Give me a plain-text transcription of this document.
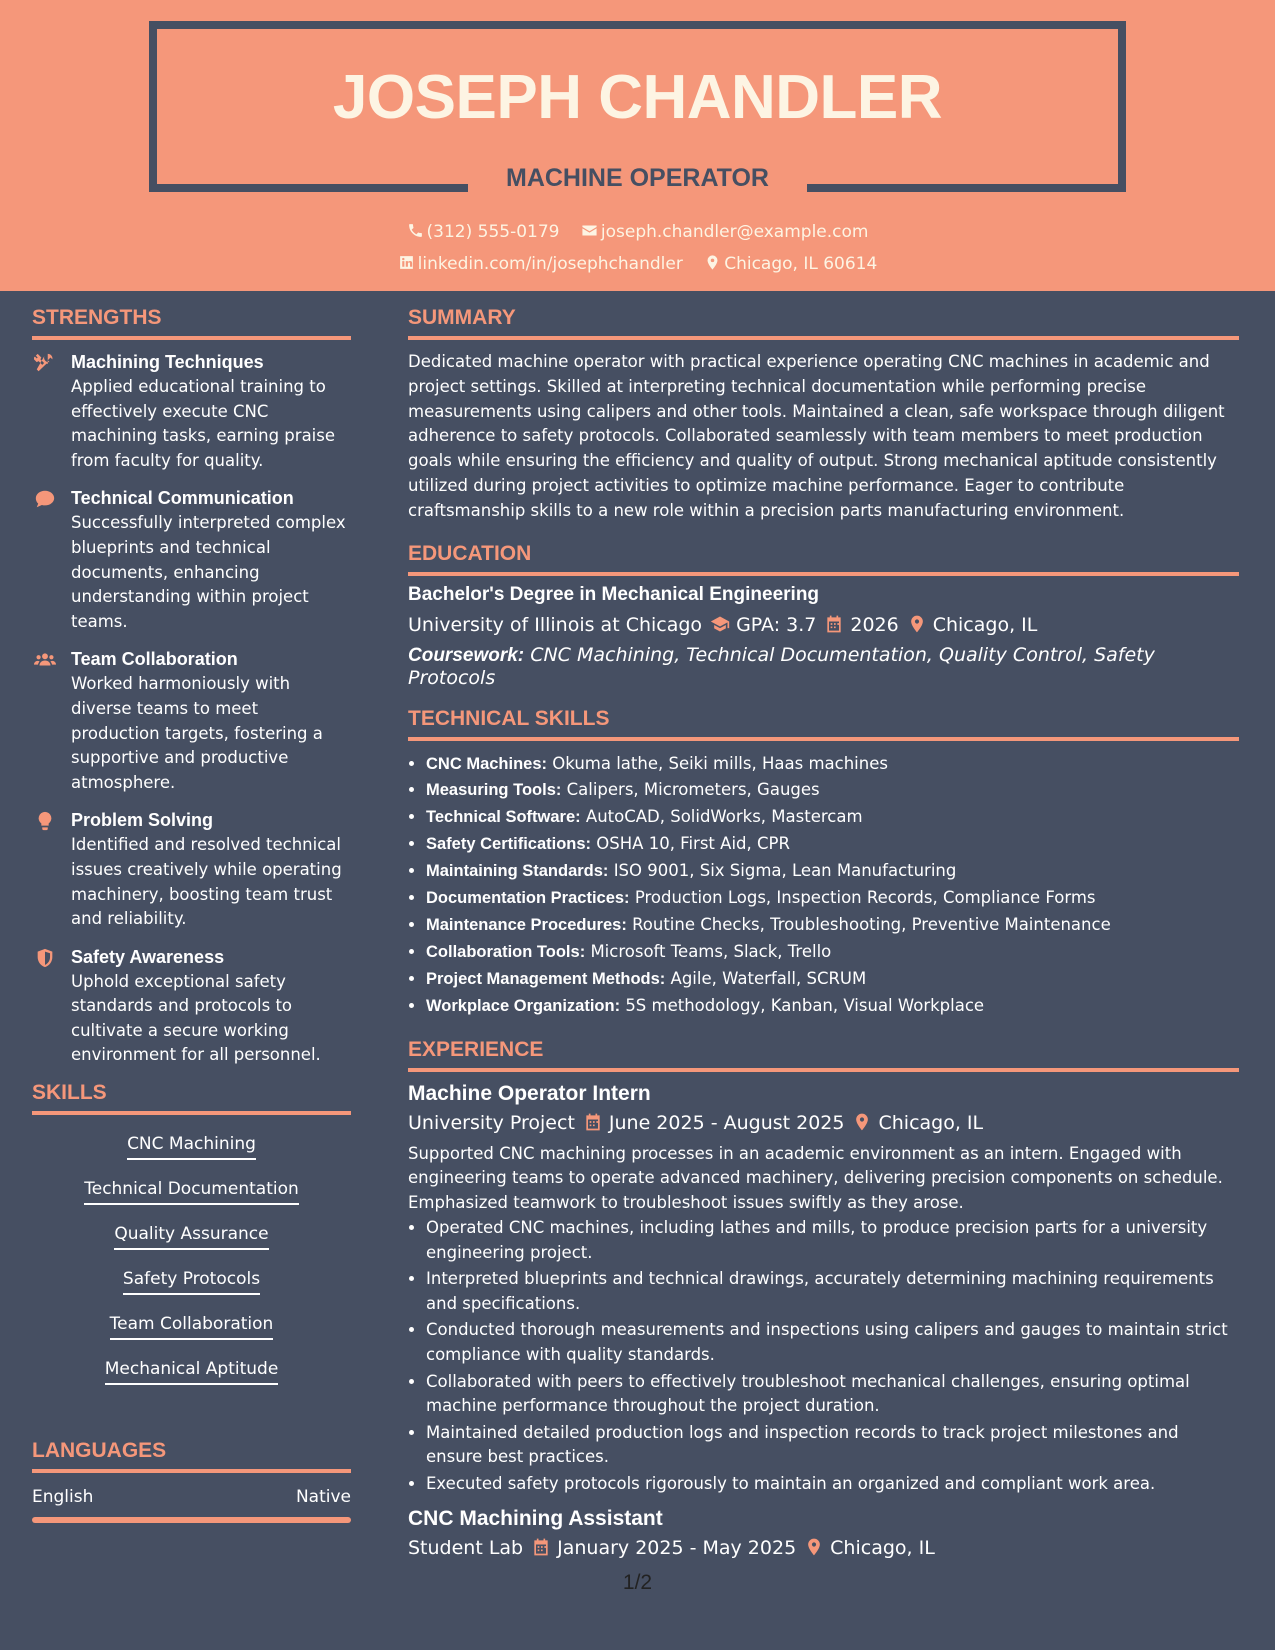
JOSEPH CHANDLER
MACHINE OPERATOR
(312) 555-0179 joseph.chandler@example.com
linkedin.com/in/josephchandler Chicago, IL 60614
STRENGTHS
Machining Techniques
Applied educational training to effectively execute CNC machining tasks, earning praise from faculty for quality.
Technical Communication
Successfully interpreted complex blueprints and technical documents, enhancing understanding within project teams.
Team Collaboration
Worked harmoniously with diverse teams to meet production targets, fostering a supportive and productive atmosphere.
Problem Solving
Identified and resolved technical issues creatively while operating machinery, boosting team trust and reliability.
Safety Awareness
Uphold exceptional safety standards and protocols to cultivate a secure working environment for all personnel.
SKILLS
CNC Machining
Technical Documentation
Quality Assurance
Safety Protocols
Team Collaboration
Mechanical Aptitude
LANGUAGES
English	Native
SUMMARY
Dedicated machine operator with practical experience operating CNC machines in academic and project settings. Skilled at interpreting technical documentation while performing precise measurements using calipers and other tools. Maintained a clean, safe workspace through diligent adherence to safety protocols. Collaborated seamlessly with team members to meet production goals while ensuring the efficiency and quality of output. Strong mechanical aptitude consistently utilized during project activities to optimize machine performance. Eager to contribute craftsmanship skills to a new role within a precision parts manufacturing environment.
EDUCATION
Bachelor's Degree in Mechanical Engineering
University of Illinois at Chicago GPA: 3.7 2026 Chicago, IL
Coursework: CNC Machining, Technical Documentation, Quality Control, Safety Protocols
TECHNICAL SKILLS
• CNC Machines: Okuma lathe, Seiki mills, Haas machines
• Measuring Tools: Calipers, Micrometers, Gauges
• Technical Software: AutoCAD, SolidWorks, Mastercam
• Safety Certifications: OSHA 10, First Aid, CPR
• Maintaining Standards: ISO 9001, Six Sigma, Lean Manufacturing
• Documentation Practices: Production Logs, Inspection Records, Compliance Forms
• Maintenance Procedures: Routine Checks, Troubleshooting, Preventive Maintenance
• Collaboration Tools: Microsoft Teams, Slack, Trello
• Project Management Methods: Agile, Waterfall, SCRUM
• Workplace Organization: 5S methodology, Kanban, Visual Workplace
EXPERIENCE
Machine Operator Intern
University Project June 2025 - August 2025 Chicago, IL
Supported CNC machining processes in an academic environment as an intern. Engaged with engineering teams to operate advanced machinery, delivering precision components on schedule. Emphasized teamwork to troubleshoot issues swiftly as they arose.
• Operated CNC machines, including lathes and mills, to produce precision parts for a university engineering project.
• Interpreted blueprints and technical drawings, accurately determining machining requirements and specifications.
• Conducted thorough measurements and inspections using calipers and gauges to maintain strict compliance with quality standards.
• Collaborated with peers to effectively troubleshoot mechanical challenges, ensuring optimal machine performance throughout the project duration.
• Maintained detailed production logs and inspection records to track project milestones and ensure best practices.
• Executed safety protocols rigorously to maintain an organized and compliant work area.
CNC Machining Assistant
Student Lab January 2025 - May 2025 Chicago, IL
1/2
